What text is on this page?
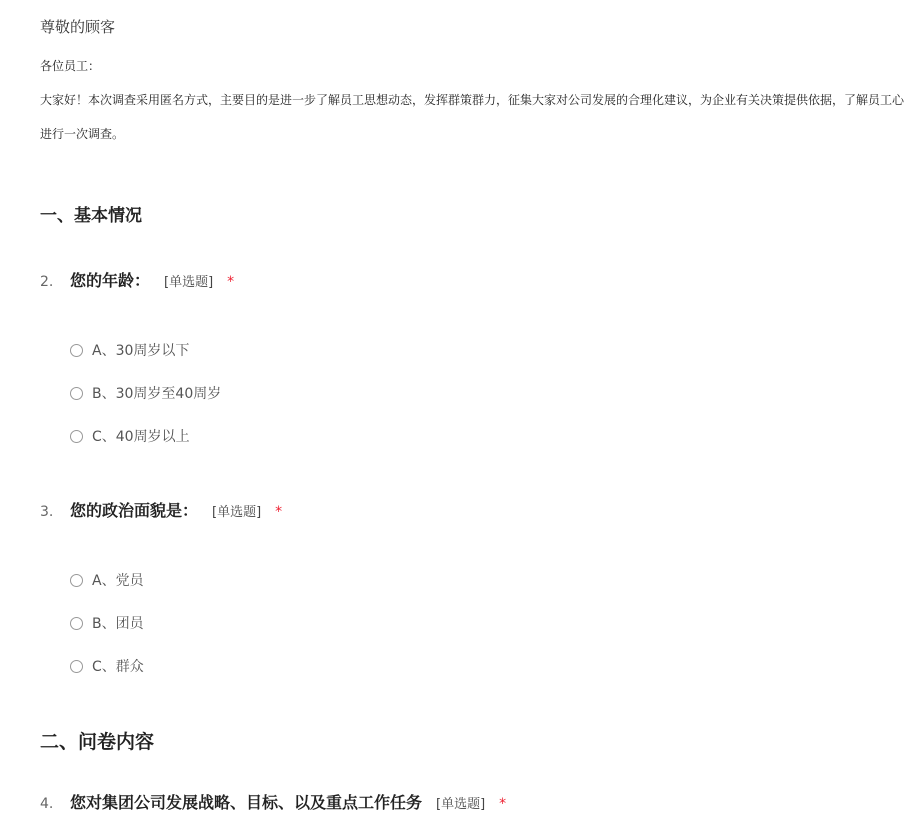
尊敬的顾客

各位员工：

大家好！本次调查采用匿名方式，主要目的是进一步了解员工思想动态，发挥群策群力，征集大家对公司发展的合理化建议，为企业有关决策提供依据，了解员工心

进行一次调查。

一、基本情况
2.	您的年龄： [单选题] *
A、30周岁以下
B、30周岁至40周岁
C、40周岁以上
3.	您的政治面貌是： [单选题] *
A、党员
B、团员
C、群众
二、问卷内容
4.	您对集团公司发展战略、目标、以及重点工作任务 [单选题] *
